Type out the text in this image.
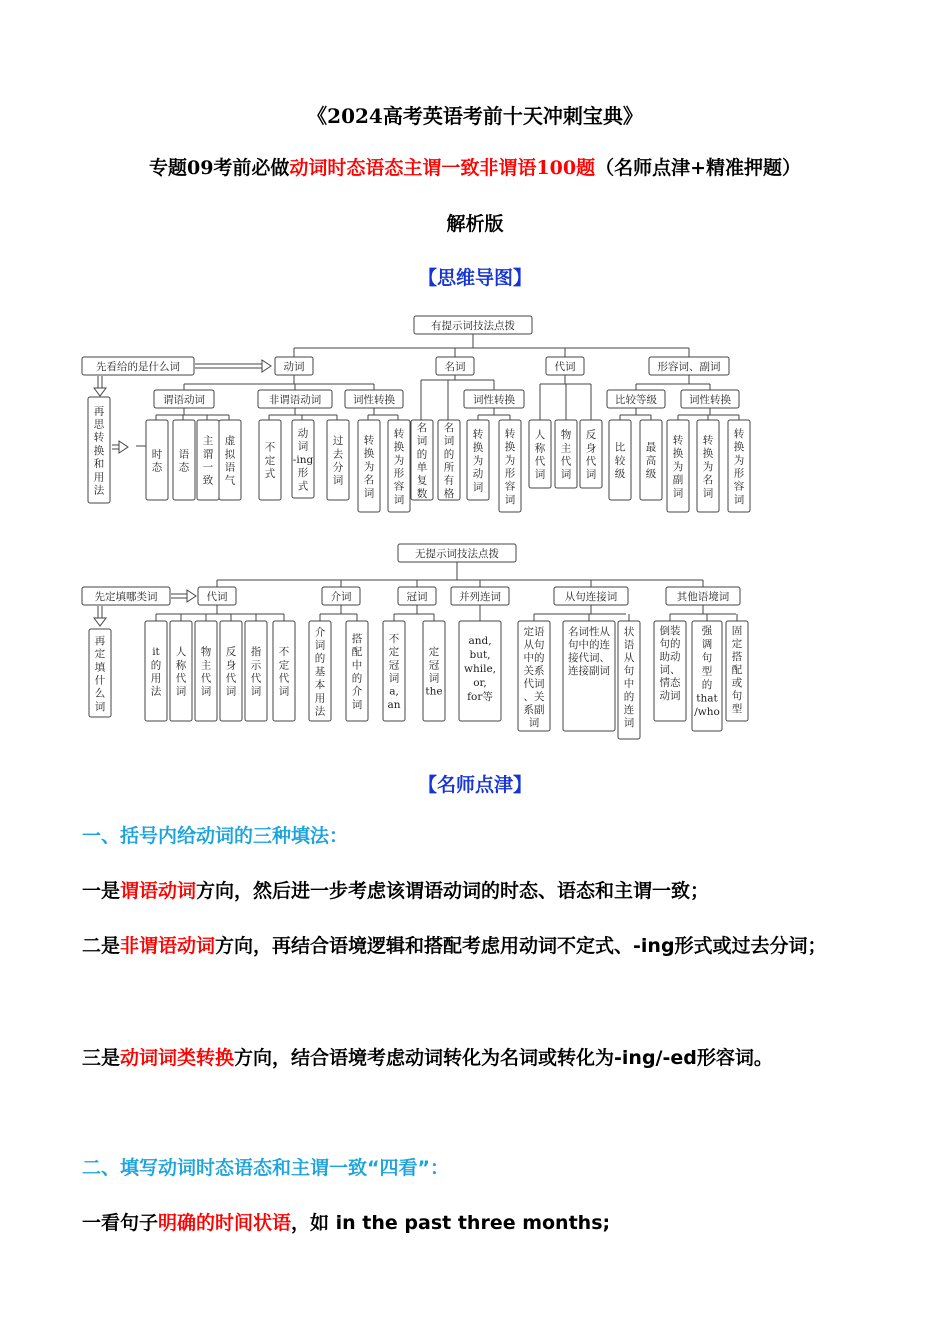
《2024高考英语考前十天冲刺宝典》
专题09考前必做动词时态语态主谓一致非谓语100题（名师点津+精准押题）
解析版
【思维导图】
有提示词技法点拨
动词	名词	代词	形容词、副词
先看给的是什么词
再
思
转
换
和
用
法
谓语动词	非谓语动词	词性转换
时
态
语
态
主
谓
一
致
虚
拟
语
气
不
定
式
动
词
-ing
形
式
过
去
分
词
转
换
为
名
词
转
换
为
形
容
词
名
词
的
单
复
数
名
词
的
所
有
格
词性转换
转
换
为
动
词
转
换
为
形
容
词
人
称
代
词
物
主
代
词
反
身
代
词
比较等级	词性转换
比
较
级
最
高
级
转
换
为
副
词
转
换
为
名
词
转
换
为
形
容
词
无提示词技法点拨
代词	介词	冠词	并列连词	从句连接词	其他语境词
先定填哪类词
再
定
填
什
么
词
it
的
用
法
人
称
代
词
物
主
代
词
反
身
代
词
指
示
代
词
不
定
代
词
介
词
的
基
本
用
法
搭
配
中
的
介
词
不
定
冠
词
a,
an
定
冠
词
the
and,
but,
while,
or,
for等
定语
从句
中的
关系
代词
、关
系副
词
名词性从
句中的连
接代词、
连接副词
状
语
从
句
中
的
连
词
倒装
句的
助动
词、
情态
动词
强
调
句
型
的
that
/who
固
定
搭
配
或
句
型
【名师点津】
一、括号内给动词的三种填法：
一是谓语动词方向，然后进一步考虑该谓语动词的时态、语态和主谓一致；
二是非谓语动词方向，再结合语境逻辑和搭配考虑用动词不定式、-ing形式或过去分词；
三是动词词类转换方向，结合语境考虑动词转化为名词或转化为-ing/-ed形容词。
二、填写动词时态语态和主谓一致“四看”：
一看句子明确的时间状语，如 in the past three months;
